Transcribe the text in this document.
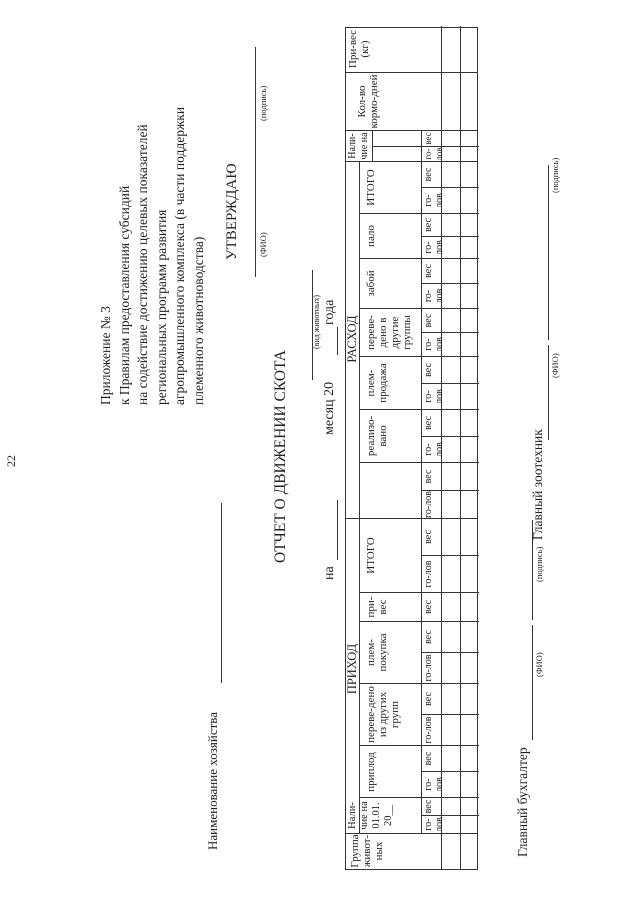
22
Приложение № 3 к Правилам предоставления субсидий на содействие достижению целевых показателей региональных программ развития агропромышленного комплекса (в части поддержки племенного животноводства)
УТВЕРЖДАЮ (ФИО)
(подпись)
Наименование хозяйства
ОТЧЕТ О ДВИЖЕНИИ СКОТА
(вид животных)
на
месяц 20
года
Группа живот-ных
Нали-чие на 01.01. 20__
ПРИХОД
приплод
переве-дено из других групп
плем-покупка
при-вес
ИТОГО
РАСХОД
реализо-вано
плем-продажа
переве-дено в другие группы
забой
пало
ИТОГО
Нали-чие на
Кол-во кормо-дней
При-вес (кг)
го-лов
вес
го-лов
вес
го-лов
вес
го-лов
вес
вес
го-лов
вес
го-лов
вес
го-лов
вес
го-лов
вес
го-лов
вес
го-лов
вес
го-лов
вес
го-лов
вес
го-лов
вес
Главный бухгалтер
(ФИО)
(подпись)
Главный зоотехник
(ФИО)
(подпись)
